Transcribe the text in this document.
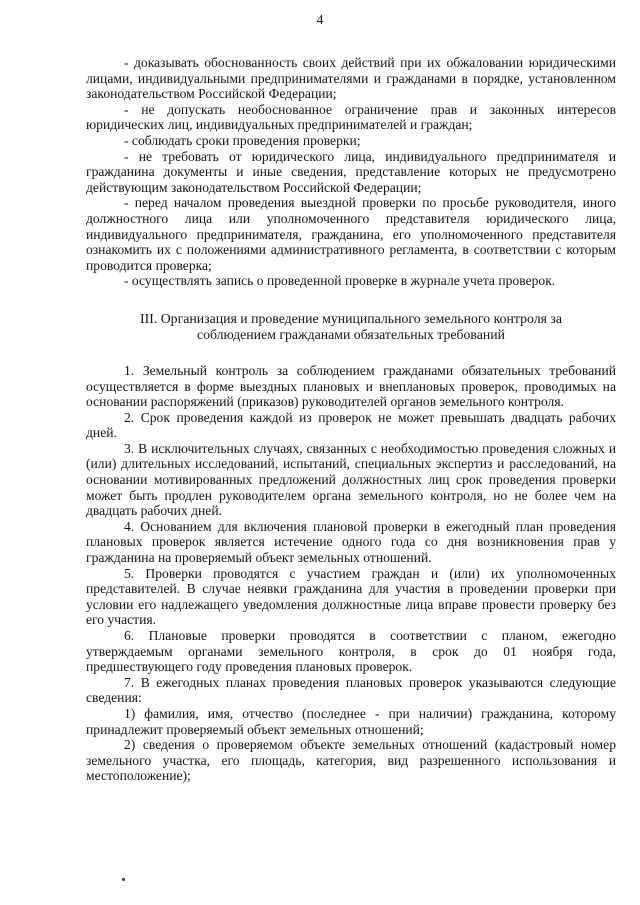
4

- доказывать обоснованность своих действий при их обжаловании юридическими лицами, индивидуальными предпринимателями и гражданами в порядке, установленном законодательством Российской Федерации;

- не допускать необоснованное ограничение прав и законных интересов юридических лиц, индивидуальных предпринимателей и граждан;

- соблюдать сроки проведения проверки;

- не требовать от юридического лица, индивидуального предпринимателя и гражданина документы и иные сведения, представление которых не предусмотрено действующим законодательством Российской Федерации;

- перед началом проведения выездной проверки по просьбе руководителя, иного должностного лица или уполномоченного представителя юридического лица, индивидуального предпринимателя, гражданина, его уполномоченного представителя ознакомить их с положениями административного регламента, в соответствии с которым проводится проверка;

- осуществлять запись о проведенной проверке в журнале учета проверок.

III. Организация и проведение муниципального земельного контроля за
соблюдением гражданами обязательных требований

1. Земельный контроль за соблюдением гражданами обязательных требований осуществляется в форме выездных плановых и внеплановых проверок, проводимых на основании распоряжений (приказов) руководителей органов земельного контроля.

2. Срок проведения каждой из проверок не может превышать двадцать рабочих дней.

3. В исключительных случаях, связанных с необходимостью проведения сложных и (или) длительных исследований, испытаний, специальных экспертиз и расследований, на основании мотивированных предложений должностных лиц срок проведения проверки может быть продлен руководителем органа земельного контроля, но не более чем на двадцать рабочих дней.

4. Основанием для включения плановой проверки в ежегодный план проведения плановых проверок является истечение одного года со дня возникновения прав у гражданина на проверяемый объект земельных отношений.

5. Проверки проводятся с участием граждан и (или) их уполномоченных представителей. В случае неявки гражданина для участия в проведении проверки при условии его надлежащего уведомления должностные лица вправе провести проверку без его участия.

6. Плановые проверки проводятся в соответствии с планом, ежегодно утверждаемым органами земельного контроля, в срок до 01 ноября года, предшествующего году проведения плановых проверок.

7. В ежегодных планах проведения плановых проверок указываются следующие сведения:

1) фамилия, имя, отчество (последнее - при наличии) гражданина, которому принадлежит проверяемый объект земельных отношений;

2) сведения о проверяемом объекте земельных отношений (кадастровый номер земельного участка, его площадь, категория, вид разрешенного использования и местоположение);
